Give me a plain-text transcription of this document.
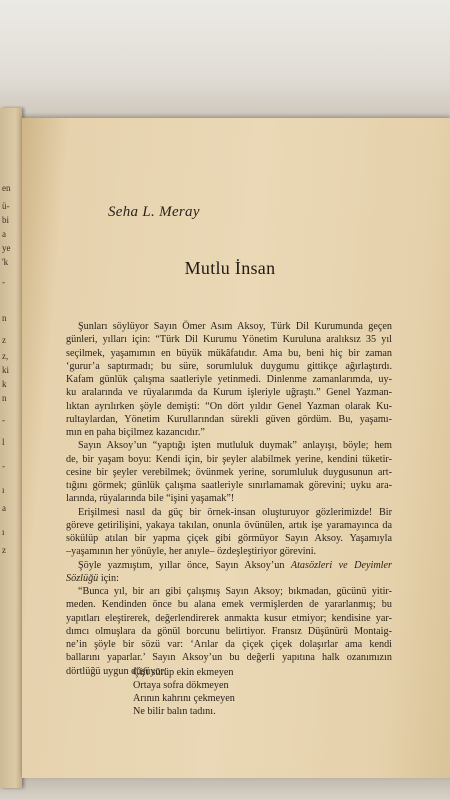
en
ü-
bi
a
ye
'k
-
n
z
z,
ki
k
n
-
l
-
ı
a
ı
z
Seha L. Meray
Mutlu İnsan
Şunları söylüyor Sayın Ömer Asım Aksoy, Türk Dil Kurumunda geçen
günleri, yılları için: “Türk Dil Kurumu Yönetim Kuruluna aralıksız 35 yıl
seçilmek, yaşamımın en büyük mükâfatıdır. Ama bu, beni hiç bir zaman
‘gurur’a saptırmadı; bu süre, sorumluluk duygumu gittikçe ağırlaştırdı.
Kafam günlük çalışma saatleriyle yetinmedi. Dinlenme zamanlarımda, uy-
ku aralarında ve rüyalarımda da Kurum işleriyle uğraştı.” Genel Yazman-
lıktan ayrılırken şöyle demişti: “On dört yıldır Genel Yazman olarak Ku-
rultaylardan, Yönetim Kurullarından sürekli güven gördüm. Bu, yaşamı-
mın en paha biçilmez kazancıdır.”
Sayın Aksoy’un “yaptığı işten mutluluk duymak” anlayışı, böyle; hem
de, bir yaşam boyu: Kendi için, bir şeyler alabilmek yerine, kendini tüketir-
cesine bir şeyler verebilmek; övünmek yerine, sorumluluk duygusunun art-
tığını görmek; günlük çalışma saatleriyle sınırlamamak görevini; uyku ara-
larında, rüyalarında bile “işini yaşamak”!
Erişilmesi nasıl da güç bir örnek-insan oluşturuyor gözlerimizde! Bir
göreve getirilişini, yakaya takılan, onunla övünülen, artık işe yaramayınca da
sökülüp atılan bir yapma çiçek gibi görmüyor Sayın Aksoy. Yaşamıyla
–yaşamının her yönüyle, her anıyle– özdeşleştiriyor görevini.
Şöyle yazmıştım, yıllar önce, Sayın Aksoy’un Atasözleri ve Deyimler
Sözlüğü için:
“Bunca yıl, bir arı gibi çalışmış Sayın Aksoy; bıkmadan, gücünü yitir-
meden. Kendinden önce bu alana emek vermişlerden de yararlanmış; bu
yapıtları eleştirerek, değerlendirerek anmakta kusur etmiyor; kendisine yar-
dımcı olmuşlara da gönül borcunu belirtiyor. Fransız Düşünürü Montaig-
ne’in şöyle bir sözü var: ‘Arılar da çiçek çiçek dolaşırlar ama kendi
ballarını yaparlar.’ Sayın Aksoy’un bu değerli yapıtına halk ozanımızın
dörtlüğü uygun düşüyor:
Çift sürüp ekin ekmeyen
Ortaya sofra dökmeyen
Arının kahrını çekmeyen
Ne bilir balın tadını.
